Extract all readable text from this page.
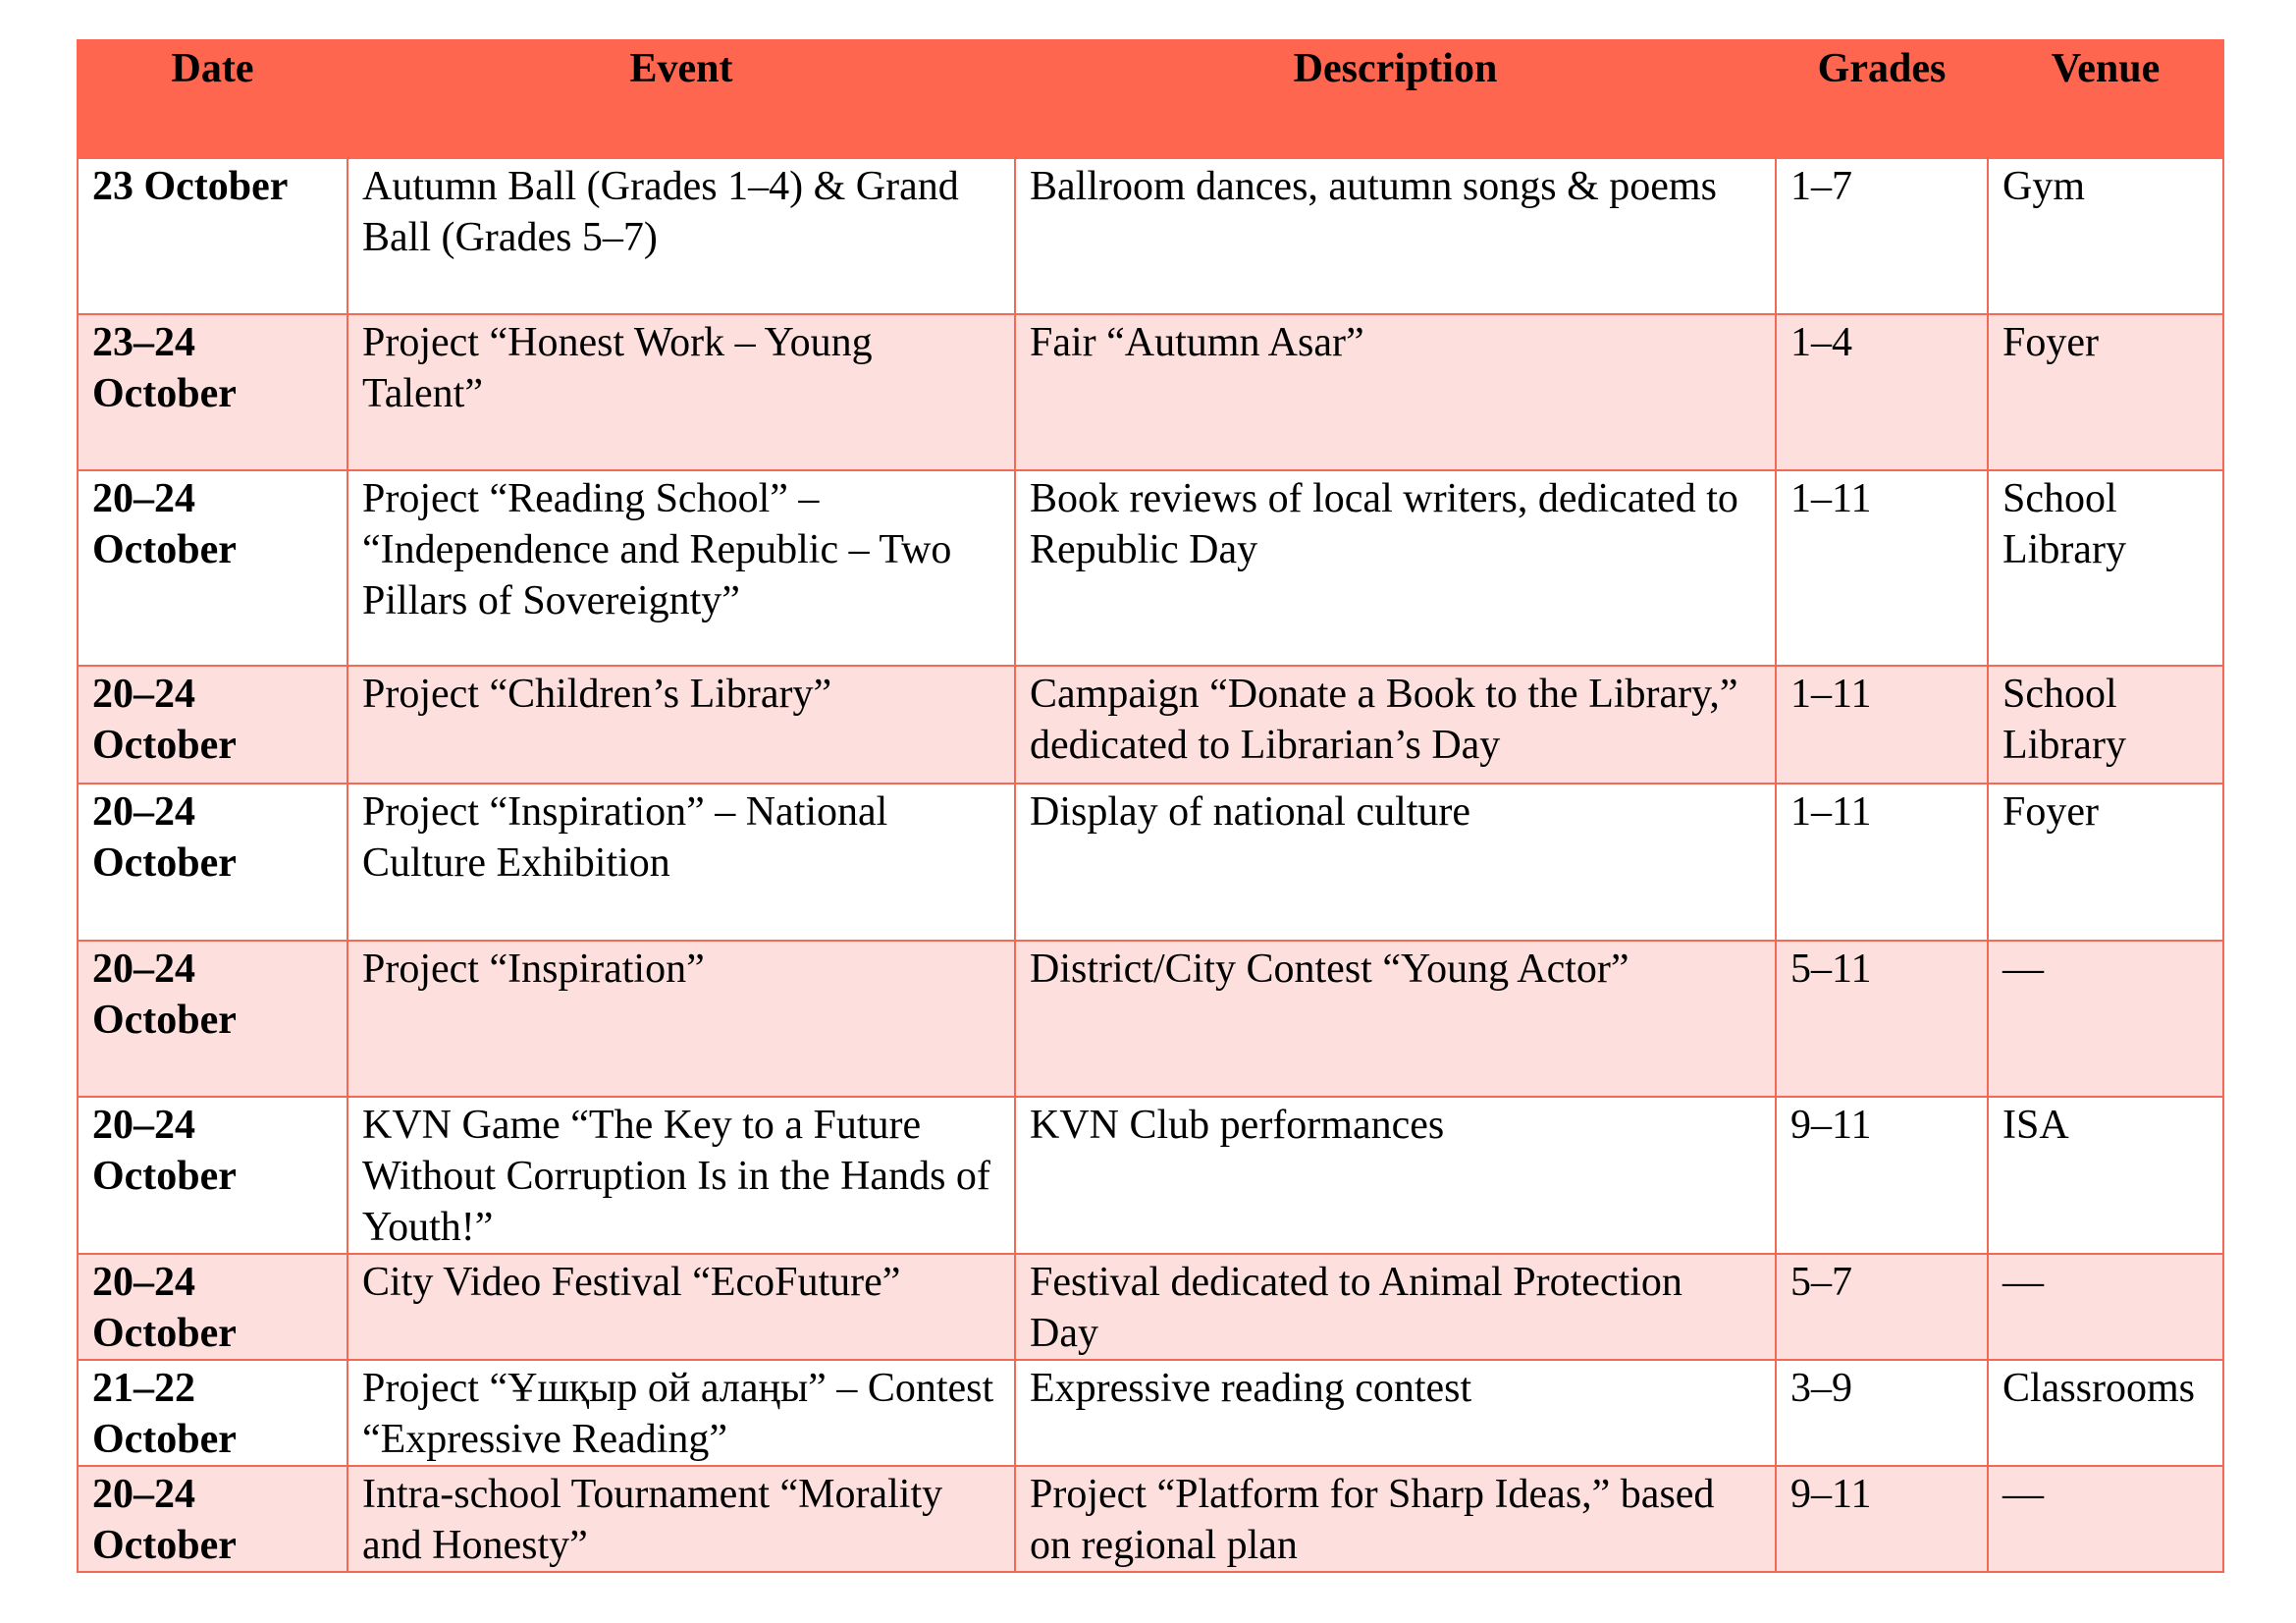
Date	Event	Description	Grades	Venue
23 October	Autumn Ball (Grades 1–4) & Grand Ball (Grades 5–7)	Ballroom dances, autumn songs & poems	1–7	Gym
23–24 October	Project “Honest Work – Young Talent”	Fair “Autumn Asar”	1–4	Foyer
20–24 October	Project “Reading School” – “Independence and Republic – Two Pillars of Sovereignty”	Book reviews of local writers, dedicated to Republic Day	1–11	School Library
20–24 October	Project “Children’s Library”	Campaign “Donate a Book to the Library,” dedicated to Librarian’s Day	1–11	School Library
20–24 October	Project “Inspiration” – National Culture Exhibition	Display of national culture	1–11	Foyer
20–24 October	Project “Inspiration”	District/City Contest “Young Actor”	5–11	—
20–24 October	KVN Game “The Key to a Future Without Corruption Is in the Hands of Youth!”	KVN Club performances	9–11	ISA
20–24 October	City Video Festival “EcoFuture”	Festival dedicated to Animal Protection Day	5–7	—
21–22 October	Project “Ұшқыр ой алаңы” – Contest “Expressive Reading”	Expressive reading contest	3–9	Classrooms
20–24 October	Intra-school Tournament “Morality and Honesty”	Project “Platform for Sharp Ideas,” based on regional plan	9–11	—
